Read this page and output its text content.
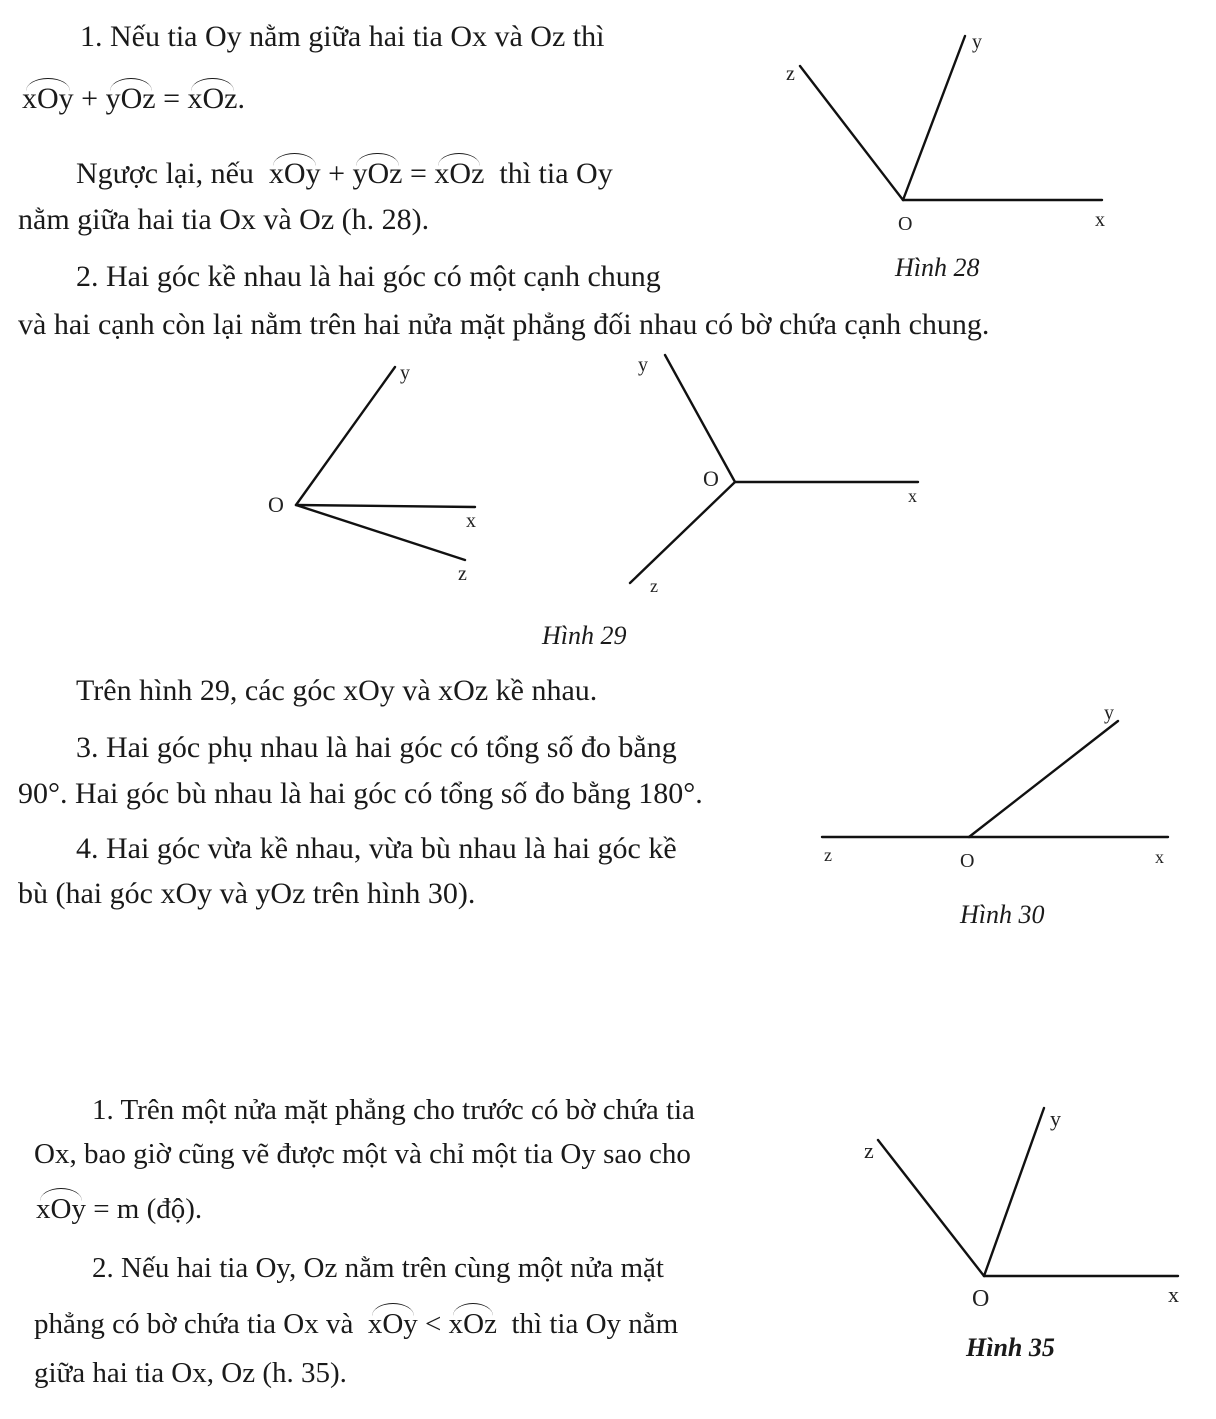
1. Nếu tia Oy nằm giữa hai tia Ox và Oz thì
xOy + yOz = xOz.
Ngược lại, nếu xOy + yOz = xOz thì tia Oy
nằm giữa hai tia Ox và Oz (h. 28).
2. Hai góc kề nhau là hai góc có một cạnh chung
và hai cạnh còn lại nằm trên hai nửa mặt phẳng đối nhau có bờ chứa cạnh chung.
Trên hình 29, các góc xOy và xOz kề nhau.
3. Hai góc phụ nhau là hai góc có tổng số đo bằng
90°. Hai góc bù nhau là hai góc có tổng số đo bằng 180°.
4. Hai góc vừa kề nhau, vừa bù nhau là hai góc kề
bù (hai góc xOy và yOz trên hình 30).
1. Trên một nửa mặt phẳng cho trước có bờ chứa tia
Ox, bao giờ cũng vẽ được một và chỉ một tia Oy sao cho
xOy = m (độ).
2. Nếu hai tia Oy, Oz nằm trên cùng một nửa mặt
phẳng có bờ chứa tia Ox và xOy < xOz thì tia Oy nằm
giữa hai tia Ox, Oz (h. 35).
z
y
O	x
Hình 28
y
O
x
z
y
O
x
z
Hình 29
y
z	O	x
Hình 30
y
z
O	x
Hình 35
